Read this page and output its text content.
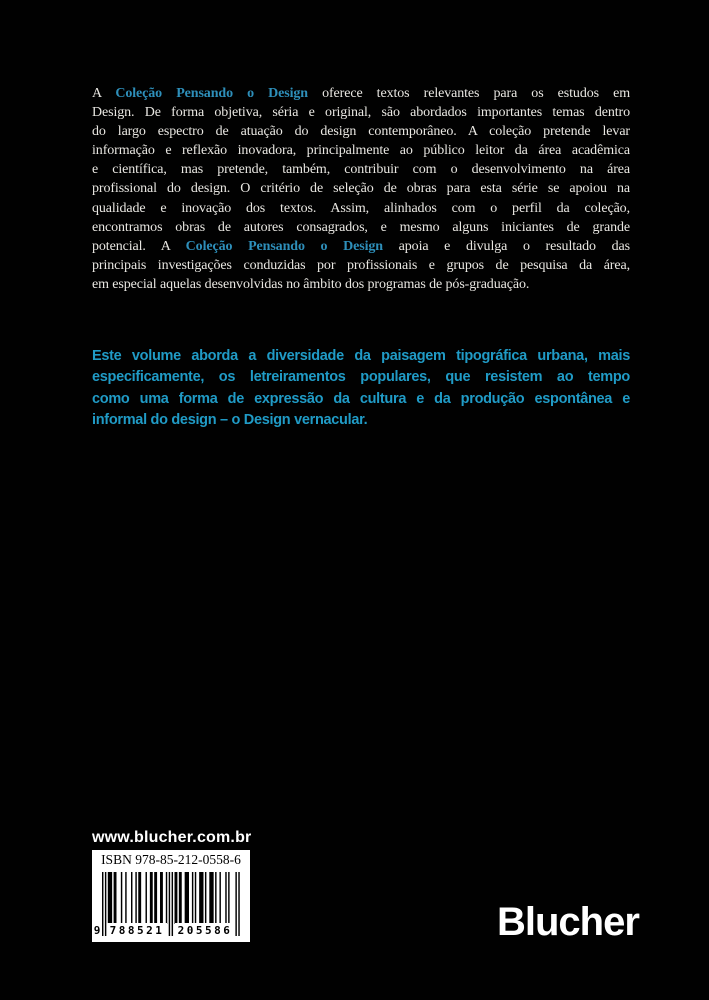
A Coleção Pensando o Design oferece textos relevantes para os estudos em
Design. De forma objetiva, séria e original, são abordados importantes temas dentro
do largo espectro de atuação do design contemporâneo. A coleção pretende levar
informação e reflexão inovadora, principalmente ao público leitor da área acadêmica
e científica, mas pretende, também, contribuir com o desenvolvimento na área
profissional do design. O critério de seleção de obras para esta série se apoiou na
qualidade e inovação dos textos. Assim, alinhados com o perfil da coleção,
encontramos obras de autores consagrados, e mesmo alguns iniciantes de grande
potencial. A Coleção Pensando o Design apoia e divulga o resultado das
principais investigações conduzidas por profissionais e grupos de pesquisa da área,
em especial aquelas desenvolvidas no âmbito dos programas de pós-graduação.
Este volume aborda a diversidade da paisagem tipográfica urbana, mais
especificamente, os letreiramentos populares, que resistem ao tempo
como uma forma de expressão da cultura e da produção espontânea e
informal do design – o Design vernacular.
www.blucher.com.br
ISBN 978-85-212-0558-6
9 788521 205586	Blucher
